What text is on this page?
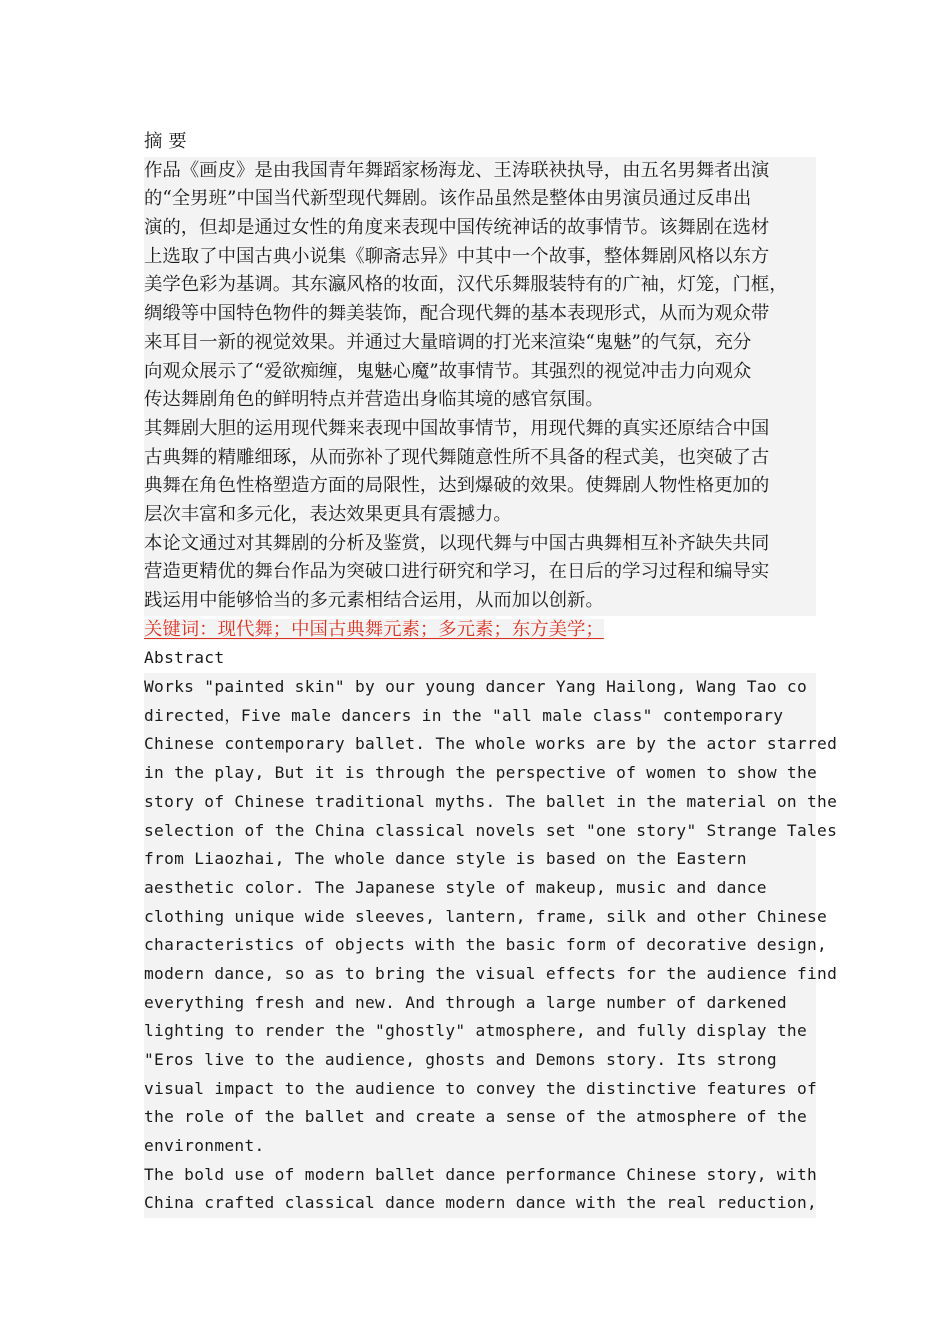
摘 要
作品《画皮》是由我国青年舞蹈家杨海龙、王涛联袂执导，由五名男舞者出演
的“全男班”中国当代新型现代舞剧。该作品虽然是整体由男演员通过反串出
演的，但却是通过女性的角度来表现中国传统神话的故事情节。该舞剧在选材
上选取了中国古典小说集《聊斋志异》中其中一个故事，整体舞剧风格以东方
美学色彩为基调。其东瀛风格的妆面，汉代乐舞服装特有的广袖，灯笼，门框，
绸缎等中国特色物件的舞美装饰，配合现代舞的基本表现形式，从而为观众带
来耳目一新的视觉效果。并通过大量暗调的打光来渲染“鬼魅”的气氛，充分
向观众展示了“爱欲痴缠，鬼魅心魔”故事情节。其强烈的视觉冲击力向观众
传达舞剧角色的鲜明特点并营造出身临其境的感官氛围。
其舞剧大胆的运用现代舞来表现中国故事情节，用现代舞的真实还原结合中国
古典舞的精雕细琢，从而弥补了现代舞随意性所不具备的程式美，也突破了古
典舞在角色性格塑造方面的局限性，达到爆破的效果。使舞剧人物性格更加的
层次丰富和多元化，表达效果更具有震撼力。
本论文通过对其舞剧的分析及鉴赏，以现代舞与中国古典舞相互补齐缺失共同
营造更精优的舞台作品为突破口进行研究和学习，在日后的学习过程和编导实
践运用中能够恰当的多元素相结合运用，从而加以创新。
关键词：现代舞；中国古典舞元素；多元素；东方美学；
Abstract
Works "painted skin" by our young dancer Yang Hailong, Wang Tao co
directed，Five male dancers in the "all male class" contemporary
Chinese contemporary ballet. The whole works are by the actor starred
in the play, But it is through the perspective of women to show the
story of Chinese traditional myths. The ballet in the material on the
selection of the China classical novels set "one story" Strange Tales
from Liaozhai, The whole dance style is based on the Eastern
aesthetic color. The Japanese style of makeup, music and dance
clothing unique wide sleeves, lantern, frame, silk and other Chinese
characteristics of objects with the basic form of decorative design,
modern dance, so as to bring the visual effects for the audience find
everything fresh and new. And through a large number of darkened
lighting to render the "ghostly" atmosphere, and fully display the
"Eros live to the audience, ghosts and Demons story. Its strong
visual impact to the audience to convey the distinctive features of
the role of the ballet and create a sense of the atmosphere of the
environment.
The bold use of modern ballet dance performance Chinese story, with
China crafted classical dance modern dance with the real reduction,
